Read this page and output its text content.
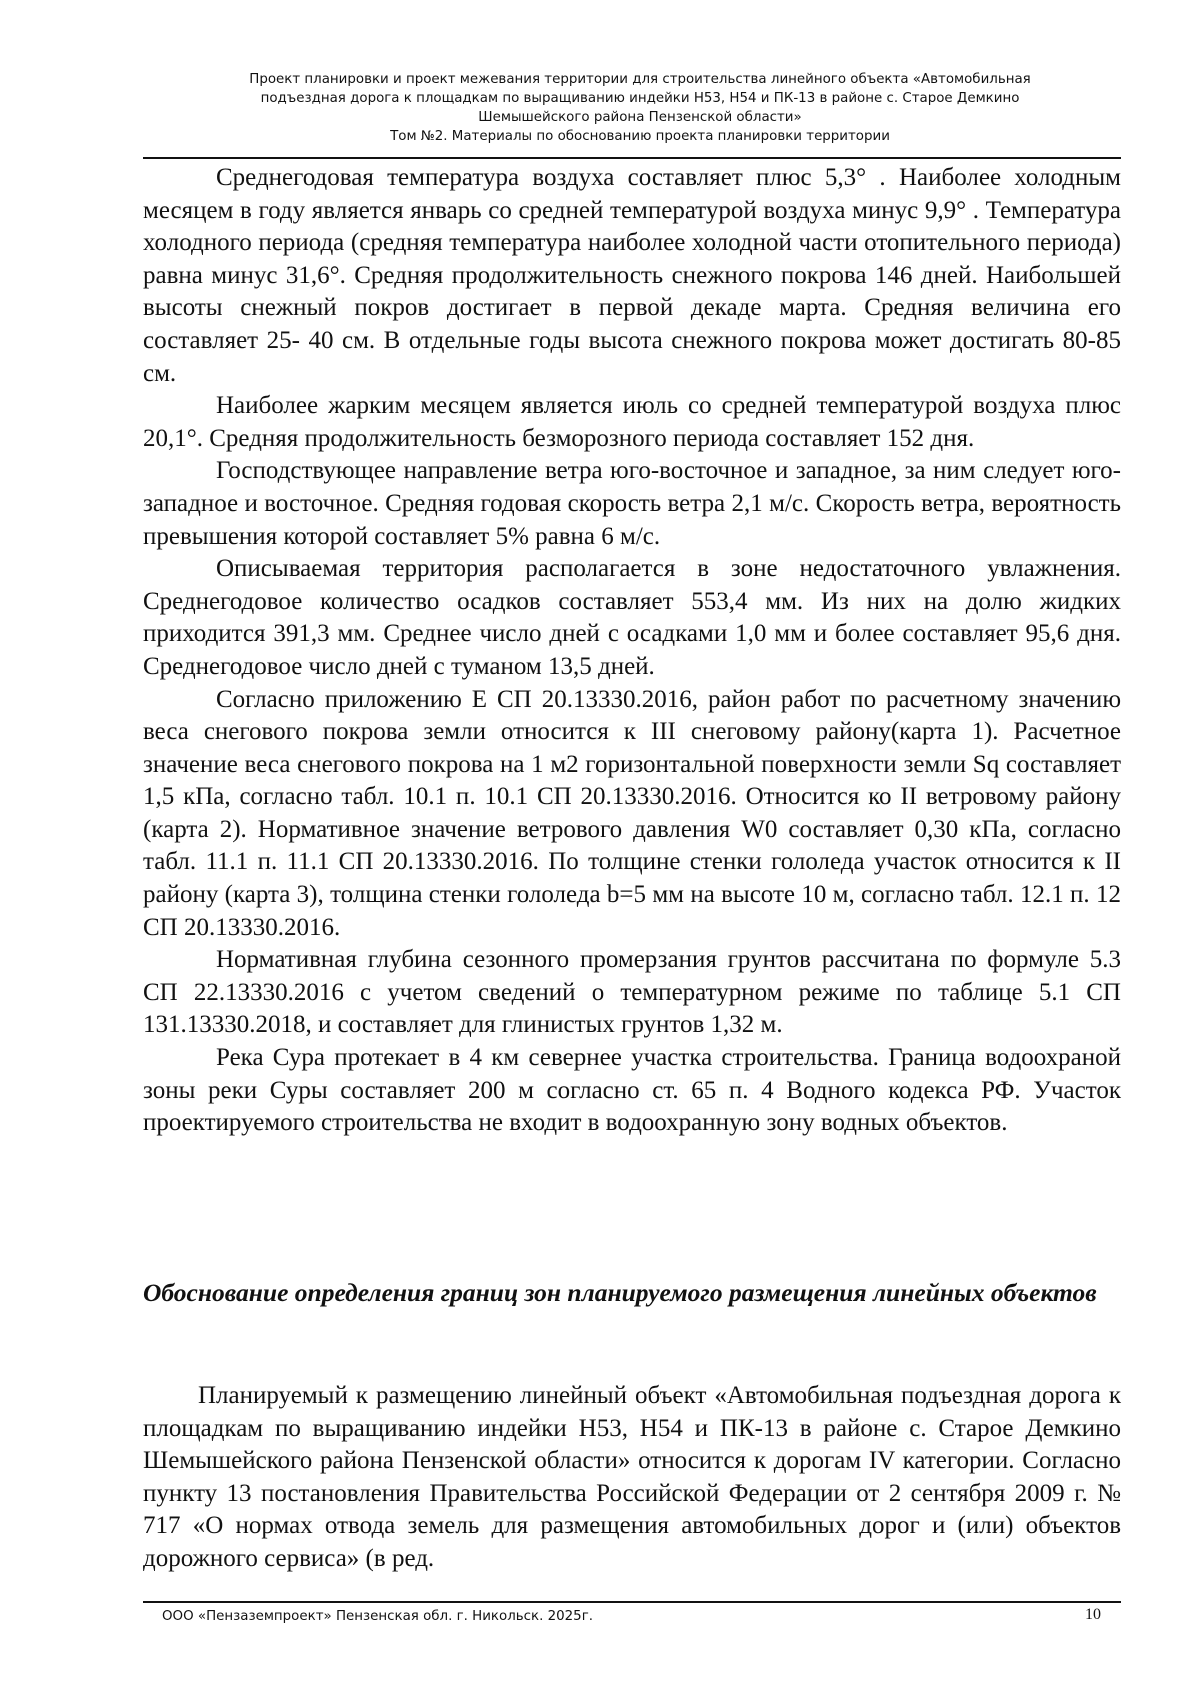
Проект планировки и проект межевания территории для строительства линейного объекта «Автомобильная
подъездная дорога к площадкам по выращиванию индейки Н53, Н54 и ПК-13 в районе с. Старое Демкино
Шемышейского района Пензенской области»
Том №2. Материалы по обоснованию проекта планировки территории

Среднегодовая температура воздуха составляет плюс 5,3° . Наиболее холодным месяцем в году является январь со средней температурой воздуха минус 9,9° . Температура холодного периода (средняя температура наиболее холодной части отопительного периода) равна минус 31,6°. Средняя продолжительность снежного покрова 146 дней. Наибольшей высоты снежный покров достигает в первой декаде марта. Средняя величина его составляет 25- 40 см. В отдельные годы высота снежного покрова может достигать 80-85 см.

Наиболее жарким месяцем является июль со средней температурой воздуха плюс 20,1°. Средняя продолжительность безморозного периода составляет 152 дня.

Господствующее направление ветра юго-восточное и западное, за ним следует юго-западное и восточное. Средняя годовая скорость ветра 2,1 м/с. Скорость ветра, вероятность превышения которой составляет 5% равна 6 м/с.

Описываемая территория располагается в зоне недостаточного увлажнения. Среднегодовое количество осадков составляет 553,4 мм. Из них на долю жидких приходится 391,3 мм. Среднее число дней с осадками 1,0 мм и более составляет 95,6 дня. Среднегодовое число дней с туманом 13,5 дней.

Согласно приложению Е СП 20.13330.2016, район работ по расчетному значению веса снегового покрова земли относится к III снеговому району(карта 1). Расчетное значение веса снегового покрова на 1 м2 горизонтальной поверхности земли Sq составляет 1,5 кПа, согласно табл. 10.1 п. 10.1 СП 20.13330.2016. Относится ко II ветровому району (карта 2). Нормативное значение ветрового давления W0 составляет 0,30 кПа, согласно табл. 11.1 п. 11.1 СП 20.13330.2016. По толщине стенки гололеда участок относится к II району (карта 3), толщина стенки гололеда b=5 мм на высоте 10 м, согласно табл. 12.1 п. 12 СП 20.13330.2016.

Нормативная глубина сезонного промерзания грунтов рассчитана по формуле 5.3 СП 22.13330.2016 с учетом сведений о температурном режиме по таблице 5.1 СП 131.13330.2018, и составляет для глинистых грунтов 1,32 м.

Река Сура протекает в 4 км севернее участка строительства. Граница водоохраной зоны реки Суры составляет 200 м согласно ст. 65 п. 4 Водного кодекса РФ. Участок проектируемого строительства не входит в водоохранную зону водных объектов.

Обоснование определения границ зон планируемого размещения линейных объектов

Планируемый к размещению линейный объект «Автомобильная подъездная дорога к площадкам по выращиванию индейки Н53, Н54 и ПК-13 в районе с. Старое Демкино Шемышейского района Пензенской области» относится к дорогам IV категории. Согласно пункту 13 постановления Правительства Российской Федерации от 2 сентября 2009 г. № 717 «О нормах отвода земель для размещения автомобильных дорог и (или) объектов дорожного сервиса» (в ред.

ООО «Пензаземпроект» Пензенская обл. г. Никольск. 2025г.	10
